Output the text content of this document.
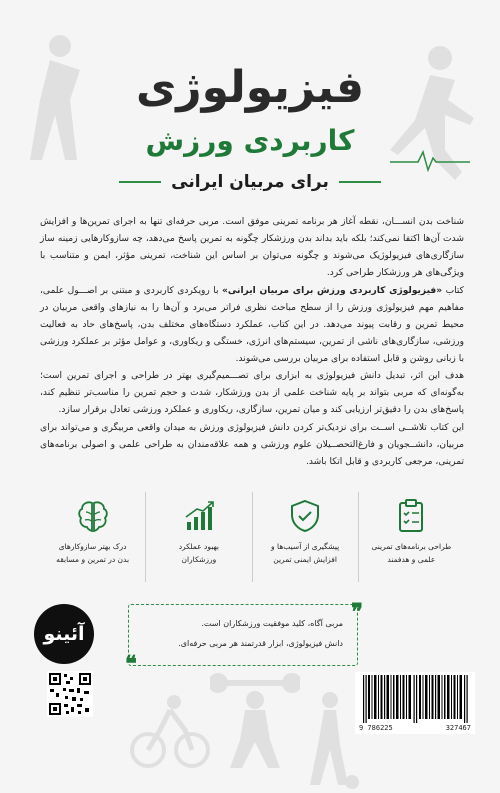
فیزیولوژی
کاربردی ورزش
برای مربیان ایرانی
شناخت بدن انســـان، نقطه آغاز هر برنامه تمرینی موفق است. مربی حرفه‌ای تنها به اجرای تمرین‌ها و افزایش شدت آن‌ها اکتفا نمی‌کند؛ بلکه باید بداند بدن ورزشکار چگونه به تمرین پاسخ می‌دهد، چه سازوکارهایی زمینه ساز سازگاری‌های فیزیولوژیک می‌شوند و چگونه می‌توان بر اساس این شناخت، تمرینی مؤثر، ایمن و متناسب با ویژگی‌های هر ورزشکار طراحی کرد.
کتاب «فیزیولوژی کاربردی ورزش برای مربیان ایرانی» با رویکردی کاربردی و مبتنی بر اصـــول علمی، مفاهیم مهم فیزیولوژی ورزش را از سطح مباحث نظری فراتر می‌برد و آن‌ها را به نیازهای واقعی مربیان در محیط تمرین و رقابت پیوند می‌دهد. در این کتاب، عملکرد دستگاه‌های مختلف بدن، پاسخ‌های حاد به فعالیت ورزشی، سازگاری‌های ناشی از تمرین، سیستم‌های انرژی، خستگی و ریکاوری، و عوامل مؤثر بر عملکرد ورزشی با زبانی روشن و قابل استفاده برای مربیان بررسی می‌شوند.
هدف این اثر، تبدیل دانش فیزیولوژی به ابزاری برای تصـــمیم‌گیری بهتر در طراحی و اجرای تمرین است؛ به‌گونه‌ای که مربی بتواند بر پایه شناخت علمی از بدن ورزشکار، شدت و حجم تمرین را مناسب‌تر تنظیم کند، پاسخ‌های بدن را دقیق‌تر ارزیابی کند و میان تمرین، سازگاری، ریکاوری و عملکرد ورزشی تعادل برقرار سازد.
این کتاب تلاشــی اســت برای نزدیک‌تر کردن دانش فیزیولوژی ورزش به میدان واقعی مربیگری و می‌تواند برای مربیان، دانشــجویان و فارغ‌التحصــیلان علوم ورزشی و همه علاقه‌مندان به طراحی علمی و اصولی برنامه‌های تمرینی، مرجعی کاربردی و قابل اتکا باشد.
طراحی برنامه‌های تمرینی
علمی و هدفمند
پیشگیری از آسیب‌ها و
افزایش ایمنی تمرین
بهبود عملکرد
ورزشکاران
درک بهتر سازوکارهای
بدن در تمرین و مسابقه
❞
❝
مربی آگاه، کلید موفقیت ورزشکاران است.
دانش فیزیولوژی، ابزار قدرتمند هر مربی حرفه‌ای.
آئینو
9 786225	327467
